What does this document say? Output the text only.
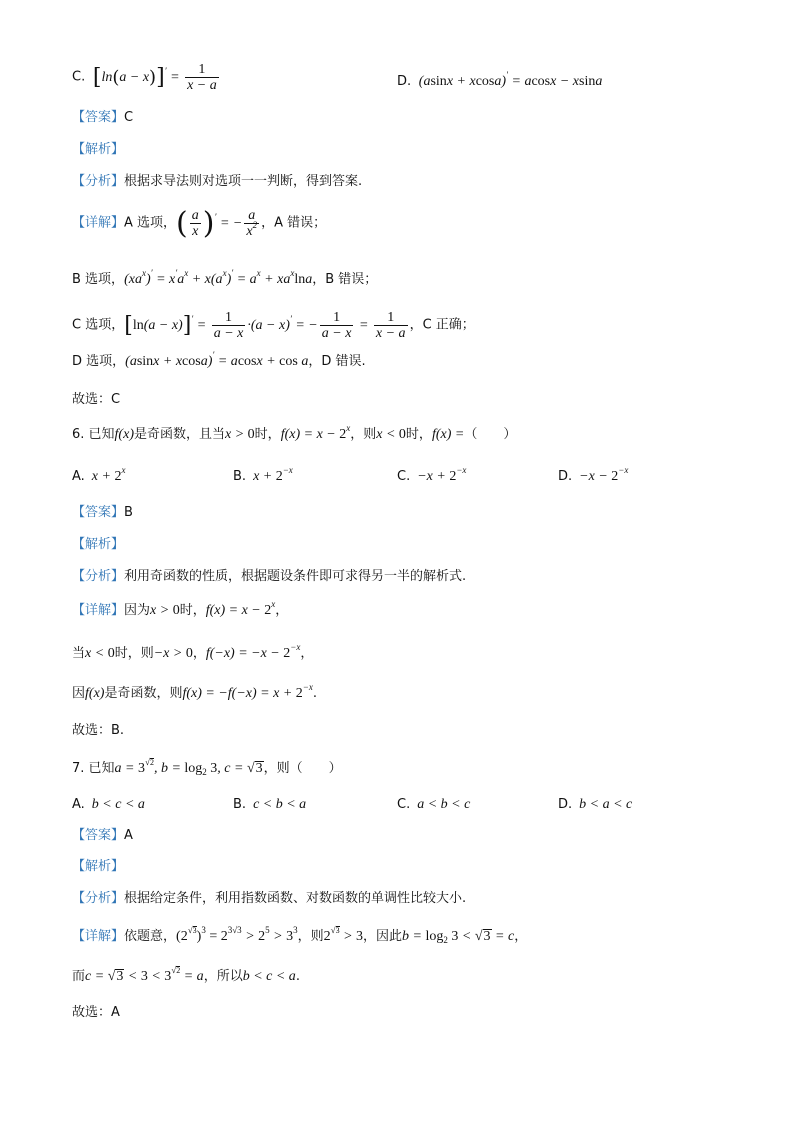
C. $[\ln(a - x)]' = \frac{1}{x - a}$	D.  (asinx + xcosa)′ = acosx − xsina
【答案】C
【解析】
【分析】根据求导法则对选项一一判断，得到答案.
【详解】A 选项，( $\frac{a}{x} )'$ = − $\frac{a}{x^2}$ ，A 错误；
B 选项，$(xa^x)' = x'a^x + x(a^x)' = a^x + xa^x\ln a$，B 错误；
C 选项，$[\ln(a - x)]' = \frac{1}{a - x} \cdot(a - x)'$ = − $\frac{1}{a - x} = \frac{1}{x - a}$ ，C 正确；
D 选项，(asinx + xcosa)′ = acosx + cos a，D 错误.
故选：C
6. 已知f(x)是奇函数，且当x > 0时，$f(x) = x - 2^x$，则x < 0时，f(x) =（　　）
A.  $x + 2^x$	B.  $x + 2^{-x}$	C.  $-x + 2^{-x}$	D.  $-x - 2^{-x}$
【答案】B
【解析】
【分析】利用奇函数的性质，根据题设条件即可求得另一半的解析式.
【详解】因为x > 0时，$f(x) = x - 2^x$，
当x < 0时，则−x > 0，$f(-x) = -x - 2^{-x}$，
因f(x)是奇函数，则$f(x) = -f(-x) = x + 2^{-x}$.
故选：B.
7. 已知$a = 3^{√2}$, $b = \log_2 3$, c = √3，则（　　）
A.  b < c < a	B.  c < b < a	C.  a < b < c	D.  b < a < c
【答案】A
【解析】
【分析】根据给定条件，利用指数函数、对数函数的单调性比较大小.
【详解】依题意，$(2^{√3})^3 = 2^{3√3} > 2^5 > 3^3$，则$2^{√3} > 3$，因此$b = \log_2 3 < √3 = c$，
而$c = √3 < 3 < 3^{√2} = a$，所以b < c < a.
故选：A
